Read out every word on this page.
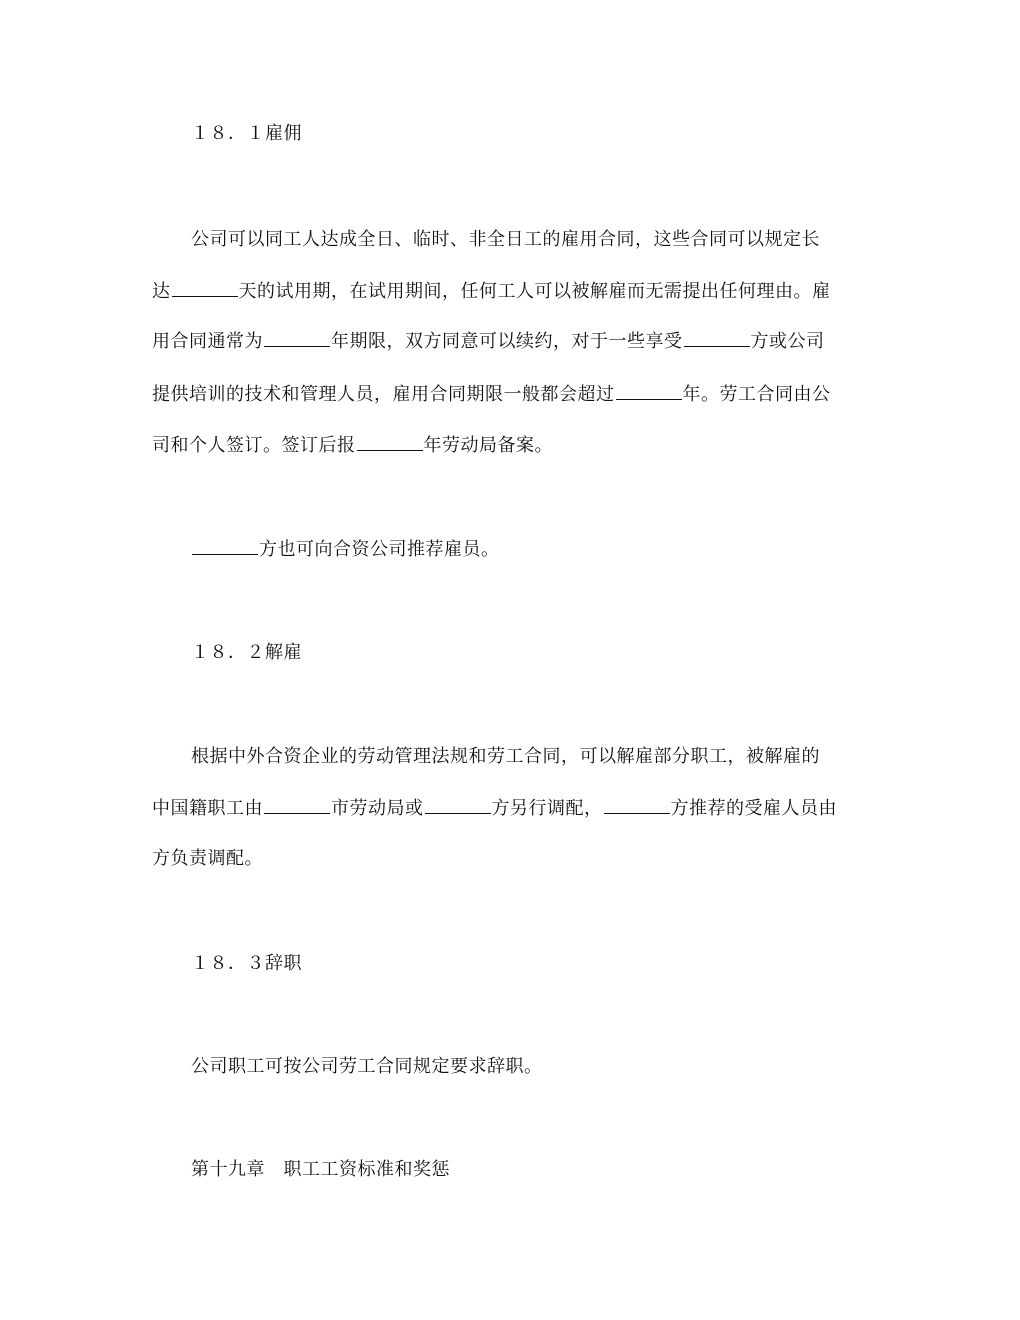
１８．１雇佣

公司可以同工人达成全日、临时、非全日工的雇用合同，这些合同可以规定长

达	天的试用期，在试用期间，任何工人可以被解雇而无需提出任何理由。雇

用合同通常为	年期限，双方同意可以续约，对于一些享受	方或公司

提供培训的技术和管理人员，雇用合同期限一般都会超过	年。劳工合同由公

司和个人签订。签订后报	年劳动局备案。

方也可向合资公司推荐雇员。

１８．２解雇

根据中外合资企业的劳动管理法规和劳工合同，可以解雇部分职工，被解雇的

中国籍职工由	市劳动局或	方另行调配，	方推荐的受雇人员由

方负责调配。

１８．３辞职

公司职工可按公司劳工合同规定要求辞职。

第十九章　职工工资标准和奖惩
